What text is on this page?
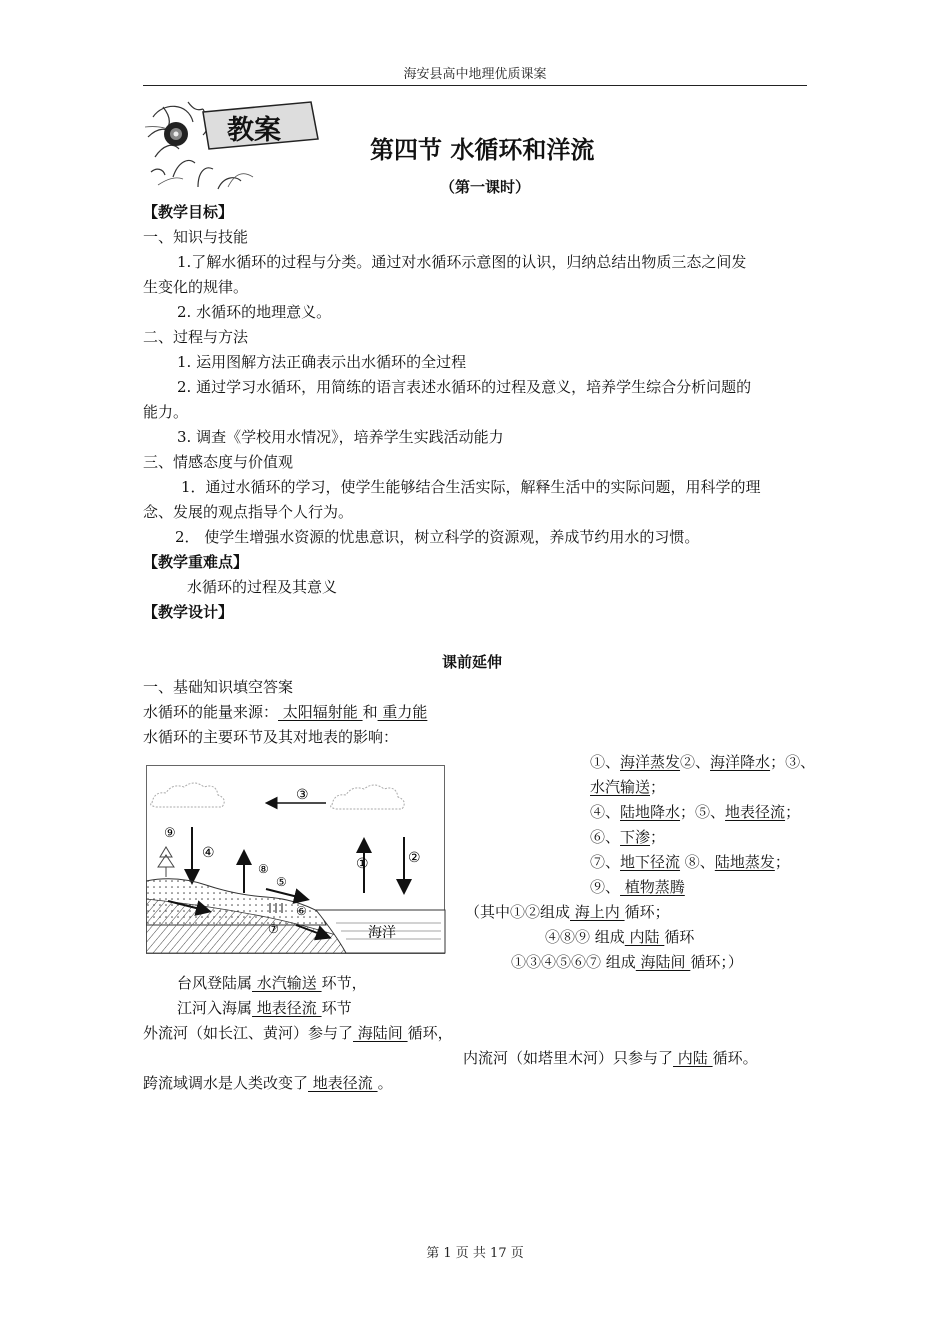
海安县高中地理优质课案
教案
第四节 水循环和洋流
（第一课时）
【教学目标】
一、知识与技能
1.了解水循环的过程与分类。通过对水循环示意图的认识，归纳总结出物质三态之间发
生变化的规律。
2. 水循环的地理意义。
二、过程与方法
1. 运用图解方法正确表示出水循环的全过程
2. 通过学习水循环，用简练的语言表述水循环的过程及意义，培养学生综合分析问题的
能力。
3. 调查《学校用水情况》，培养学生实践活动能力
三、情感态度与价值观
1．通过水循环的学习，使学生能够结合生活实际，解释生活中的实际问题，用科学的理
念、发展的观点指导个人行为。
2． 使学生增强水资源的忧患意识，树立科学的资源观，养成节约用水的习惯。
【教学重难点】
水循环的过程及其意义
【教学设计】
课前延伸
一、基础知识填空答案
水循环的能量来源： 太阳辐射能 和 重力能
水循环的主要环节及其对地表的影响：
①、海洋蒸发②、海洋降水；③、
水汽输送；
④、陆地降水；⑤、地表径流；
⑥、下渗；
⑦、地下径流 ⑧、陆地蒸发；
⑨、 植物蒸腾
（其中①②组成 海上内 循环；
④⑧⑨ 组成 内陆 循环
①③④⑤⑥⑦ 组成 海陆间 循环；）
③
①	②
④
⑨
⑧
海洋
⑤
⑥
⑦
台风登陆属 水汽输送 环节，
江河入海属 地表径流 环节
外流河（如长江、黄河）参与了 海陆间 循环，
内流河（如塔里木河）只参与了 内陆 循环。
跨流域调水是人类改变了 地表径流 。
第 1 页 共 17 页
